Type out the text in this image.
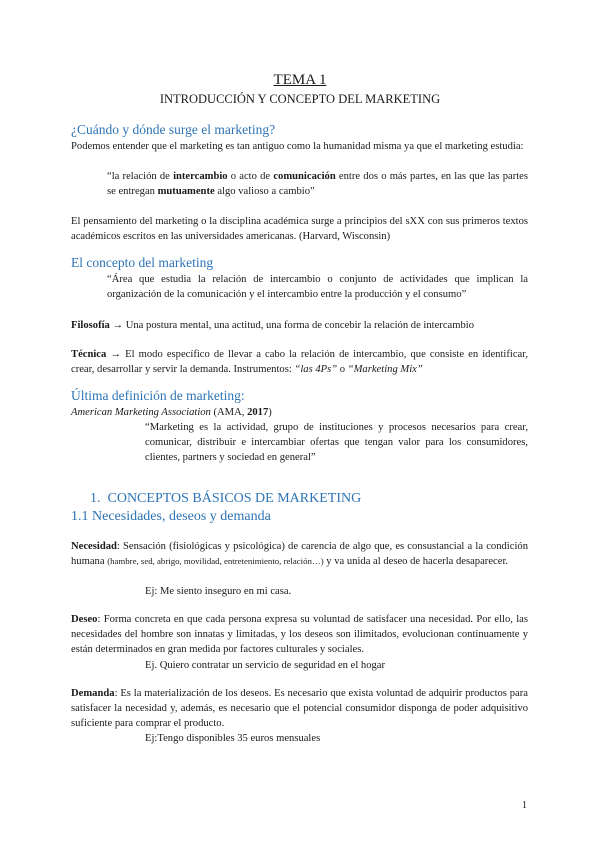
TEMA 1
INTRODUCCIÓN Y CONCEPTO DEL MARKETING
¿Cuándo y dónde surge el marketing?
Podemos entender que el marketing es tan antiguo como la humanidad misma ya que el marketing estudia:
“la relación de intercambio o acto de comunicación entre dos o más partes, en las que las partes se entregan mutuamente algo valioso a cambio”
El pensamiento del marketing o la disciplina académica surge a principios del sXX con sus primeros textos académicos escritos en las universidades americanas. (Harvard, Wisconsin)
El concepto del marketing
“Área que estudia la relación de intercambio o conjunto de actividades que implican la organización de la comunicación y el intercambio entre la producción y el consumo”
Filosofía → Una postura mental, una actitud, una forma de concebir la relación de intercambio
Técnica → El modo específico de llevar a cabo la relación de intercambio, que consiste en identificar, crear, desarrollar y servir la demanda. Instrumentos: “las 4Ps” o “Marketing Mix”
Última definición de marketing:
American Marketing Association (AMA, 2017)
“Marketing es la actividad, grupo de instituciones y procesos necesarios para crear, comunicar, distribuir e intercambiar ofertas que tengan valor para los consumidores, clientes, partners y sociedad en general”
1. CONCEPTOS BÁSICOS DE MARKETING
1.1 Necesidades, deseos y demanda
Necesidad: Sensación (fisiológicas y psicológica) de carencia de algo que, es consustancial a la condición humana (hambre, sed, abrigo, movilidad, entretenimiento, relación…) y va unida al deseo de hacerla desaparecer.
Ej: Me siento inseguro en mi casa.
Deseo: Forma concreta en que cada persona expresa su voluntad de satisfacer una necesidad. Por ello, las necesidades del hombre son innatas y limitadas, y los deseos son ilimitados, evolucionan continuamente y están determinados en gran medida por factores culturales y sociales.
Ej. Quiero contratar un servicio de seguridad en el hogar
Demanda: Es la materialización de los deseos. Es necesario que exista voluntad de adquirir productos para satisfacer la necesidad y, además, es necesario que el potencial consumidor disponga de poder adquisitivo suficiente para comprar el producto.
Ej:Tengo disponibles 35 euros mensuales
1
